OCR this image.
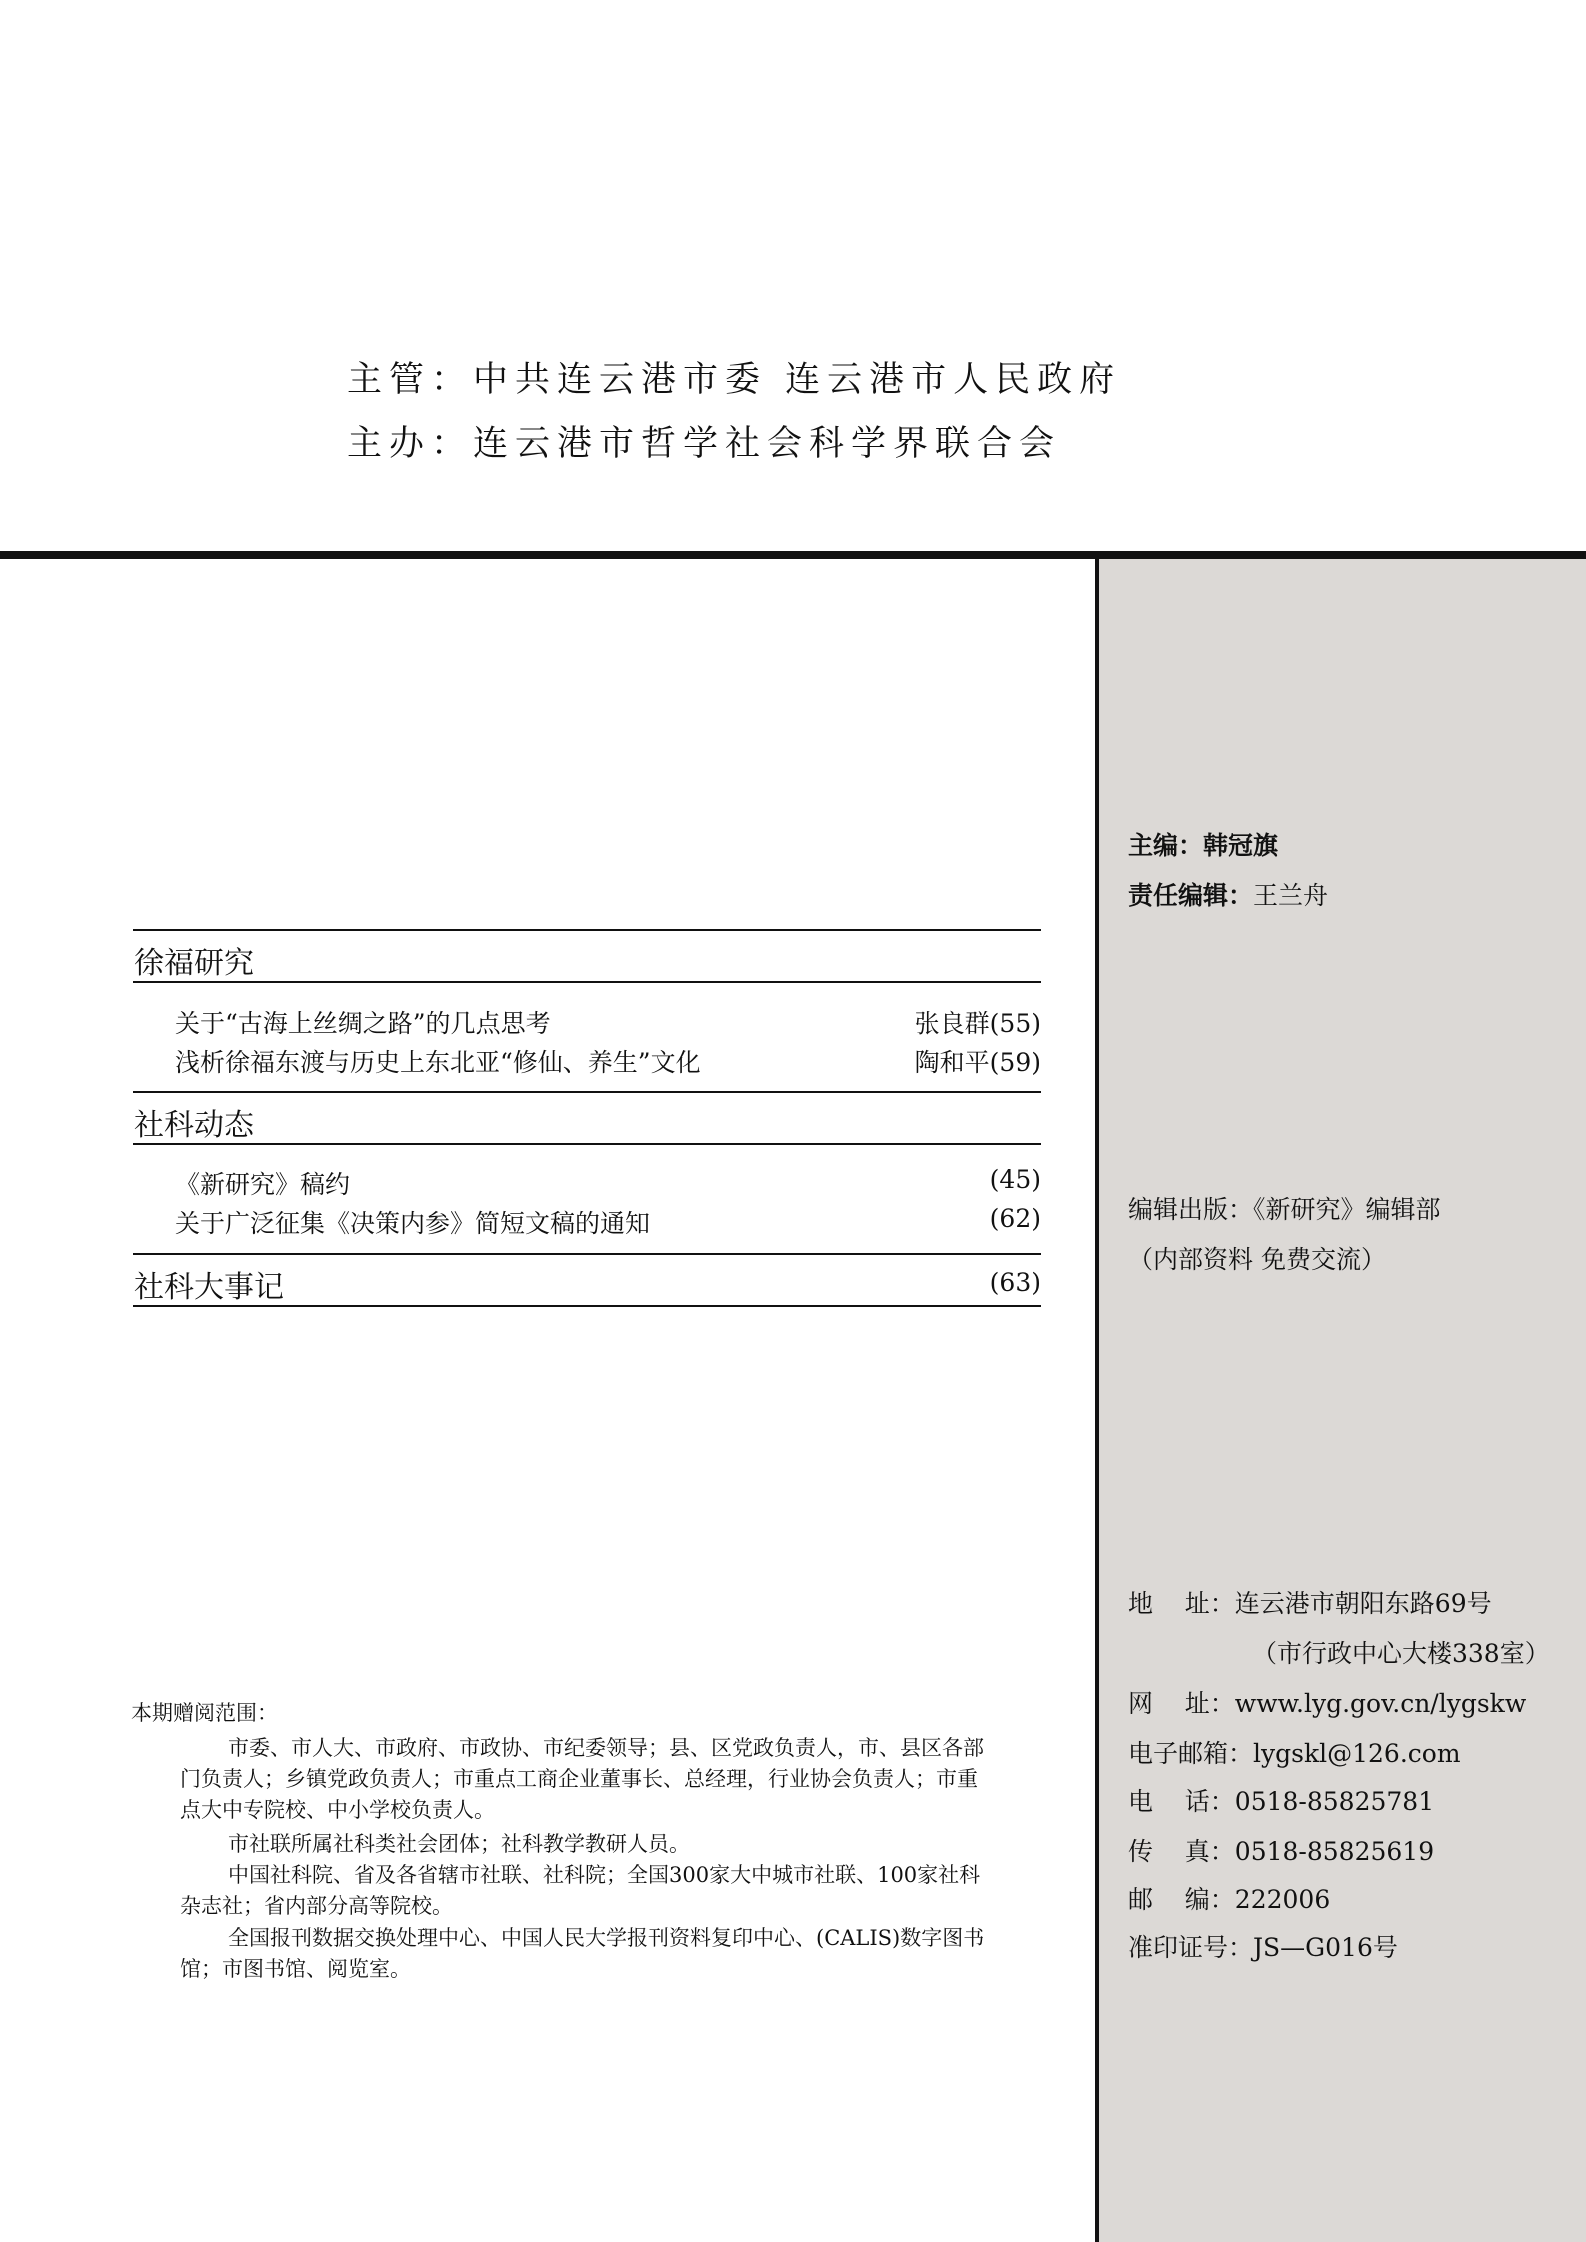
主管：中共连云港市委 连云港市人民政府
主办：连云港市哲学社会科学界联合会
主编：韩冠旗
责任编辑：王兰舟
编辑出版：《新研究》编辑部
（内部资料 免费交流）
地    址：连云港市朝阳东路69号
（市行政中心大楼338室）
网    址：www.lyg.gov.cn/lygskw
电子邮箱：lygskl@126.com
电    话：0518-85825781
传    真：0518-85825619
邮    编：222006
准印证号：JS—G016号
徐福研究
关于“古海上丝绸之路”的几点思考	张良群(55)
浅析徐福东渡与历史上东北亚“修仙、养生”文化	陶和平(59)
社科动态
《新研究》稿约	(45)
关于广泛征集《决策内参》简短文稿的通知	(62)
社科大事记	(63)
本期赠阅范围：
市委、市人大、市政府、市政协、市纪委领导；县、区党政负责人，市、县区各部门负责人；乡镇党政负责人；市重点工商企业董事长、总经理，行业协会负责人；市重点大中专院校、中小学校负责人。
市社联所属社科类社会团体；社科教学教研人员。
中国社科院、省及各省辖市社联、社科院；全国300家大中城市社联、100家社科杂志社；省内部分高等院校。
全国报刊数据交换处理中心、中国人民大学报刊资料复印中心、(CALIS)数字图书馆；市图书馆、阅览室。
